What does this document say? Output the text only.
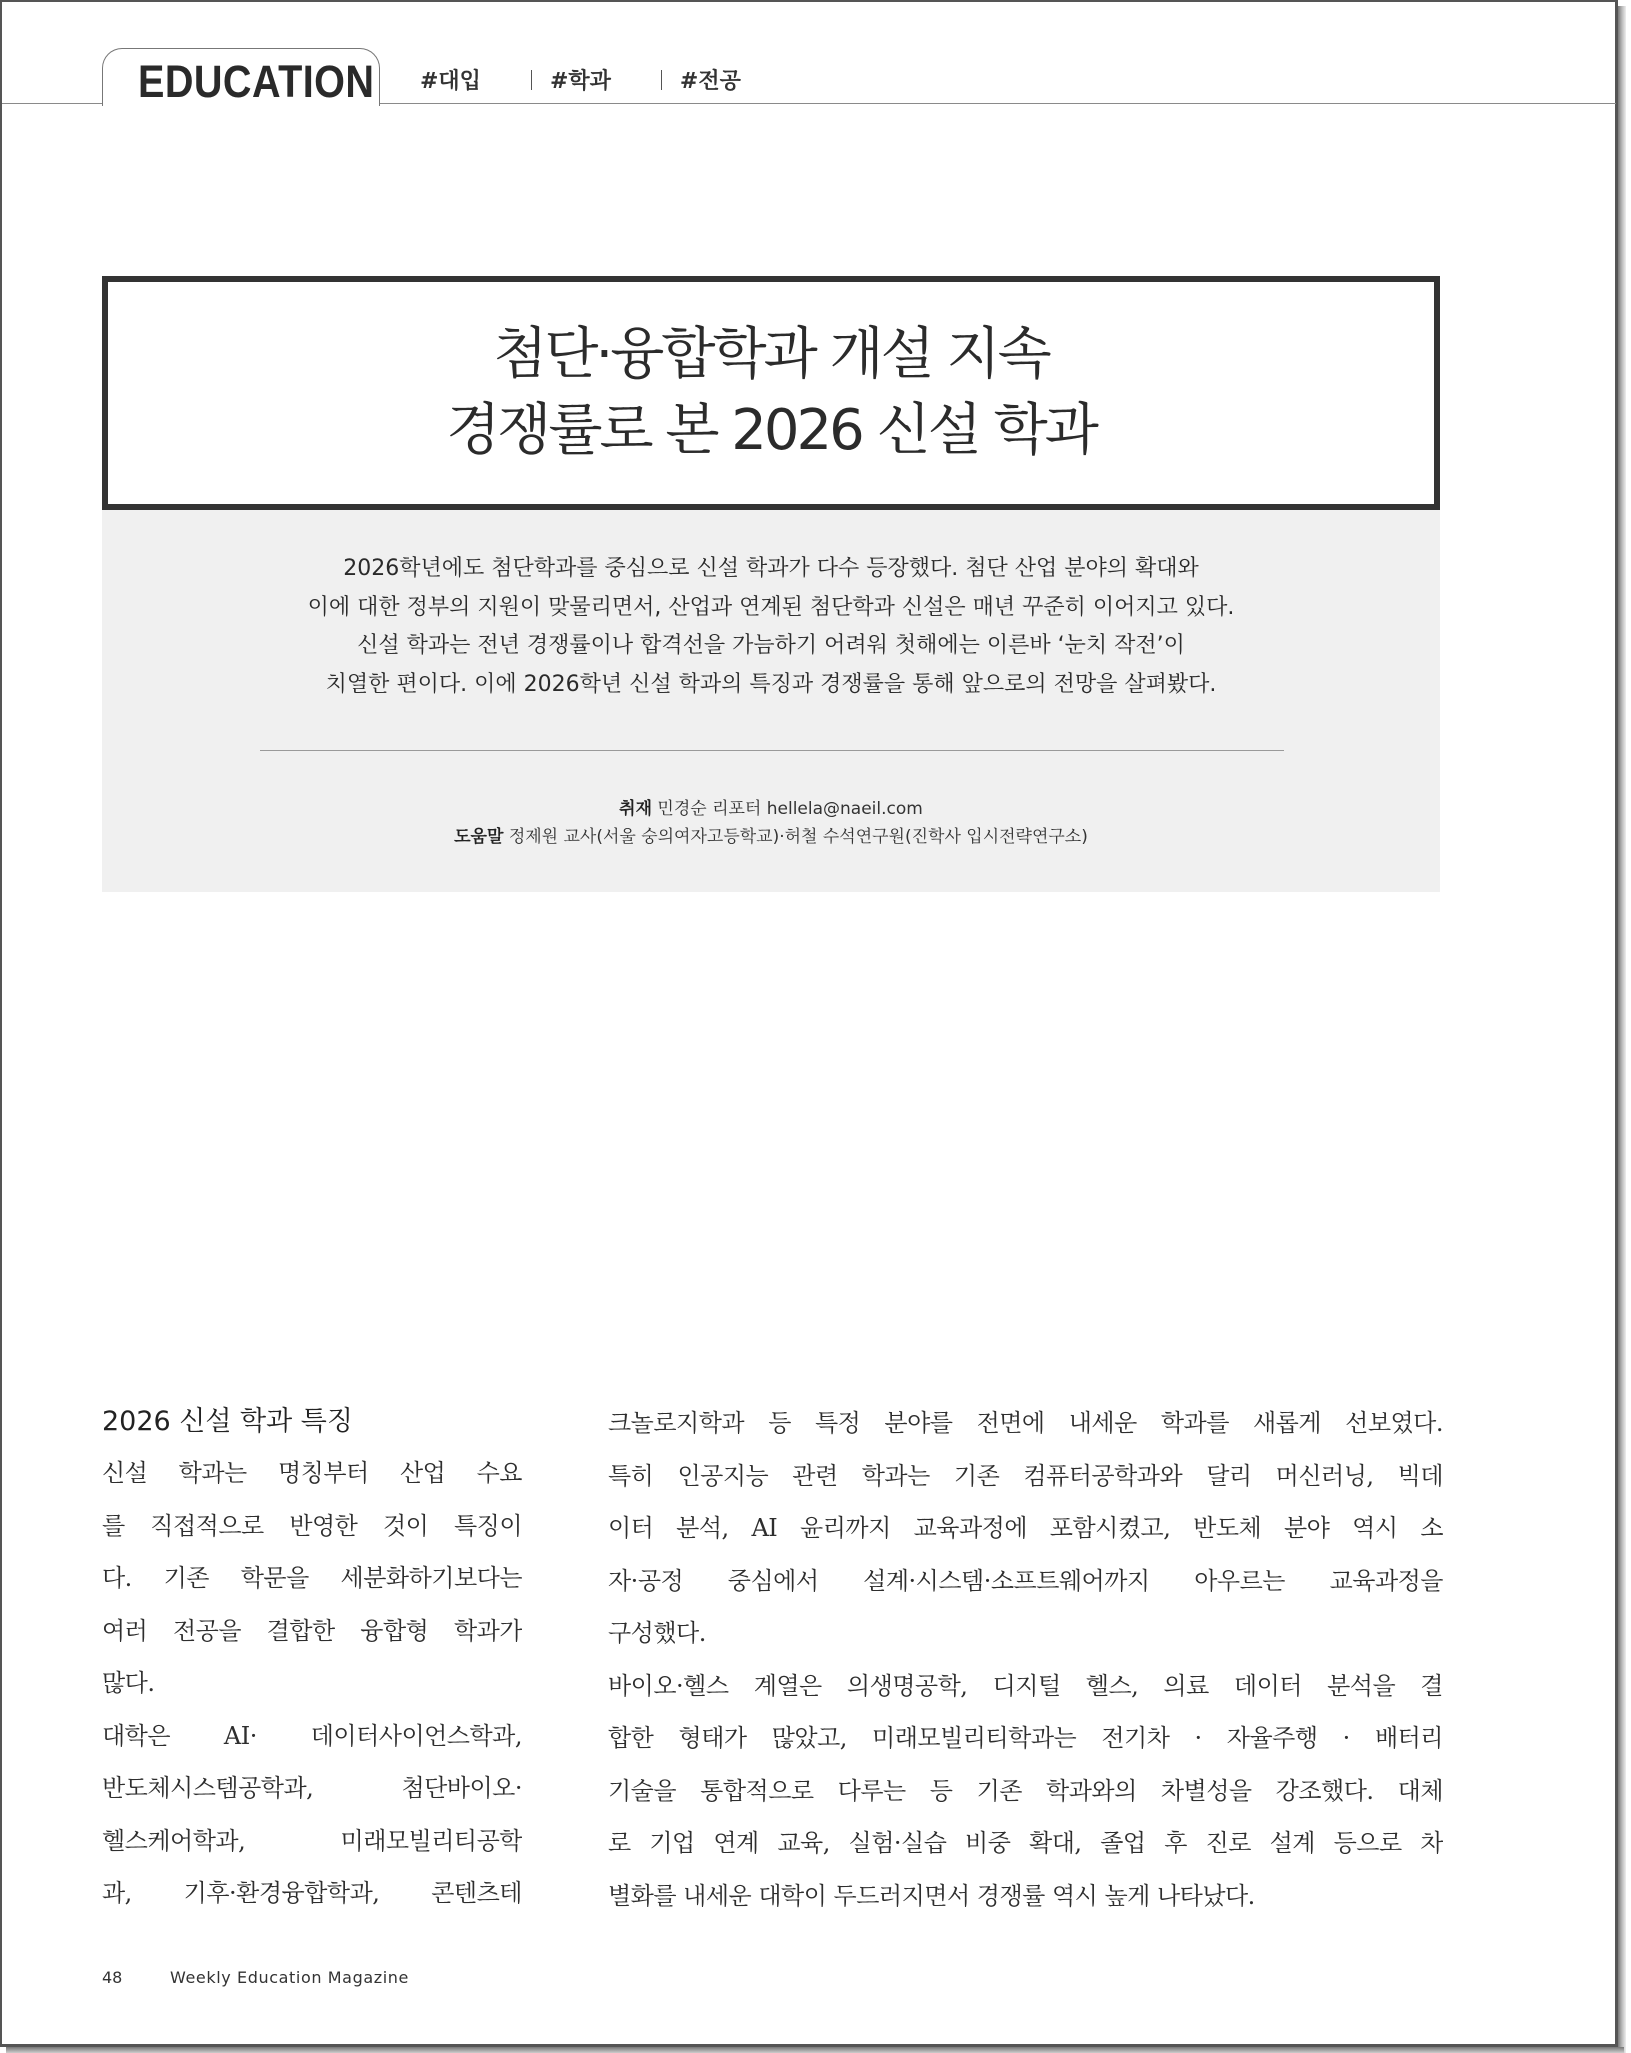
EDUCATION #대입	#학과	#전공
첨단·융합학과 개설 지속
경쟁률로 본 2026 신설 학과
2026학년에도 첨단학과를 중심으로 신설 학과가 다수 등장했다. 첨단 산업 분야의 확대와
이에 대한 정부의 지원이 맞물리면서, 산업과 연계된 첨단학과 신설은 매년 꾸준히 이어지고 있다.
신설 학과는 전년 경쟁률이나 합격선을 가늠하기 어려워 첫해에는 이른바 ‘눈치 작전’이
치열한 편이다. 이에 2026학년 신설 학과의 특징과 경쟁률을 통해 앞으로의 전망을 살펴봤다.
취재 민경순 리포터 hellela@naeil.com
도움말 정제원 교사(서울 숭의여자고등학교)·허철 수석연구원(진학사 입시전략연구소)
2026 신설 학과 특징
신설 학과는 명칭부터 산업 수요
를 직접적으로 반영한 것이 특징이
다. 기존 학문을 세분화하기보다는
여러 전공을 결합한 융합형 학과가
많다.
대학은 AI· 데이터사이언스학과,
반도체시스템공학과, 첨단바이오·
헬스케어학과, 미래모빌리티공학
과, 기후·환경융합학과, 콘텐츠테
크놀로지학과 등 특정 분야를 전면에 내세운 학과를 새롭게 선보였다.
특히 인공지능 관련 학과는 기존 컴퓨터공학과와 달리 머신러닝, 빅데
이터 분석, AI 윤리까지 교육과정에 포함시켰고, 반도체 분야 역시 소
자·공정 중심에서 설계·시스템·소프트웨어까지 아우르는 교육과정을
구성했다.
바이오·헬스 계열은 의생명공학, 디지털 헬스, 의료 데이터 분석을 결
합한 형태가 많았고, 미래모빌리티학과는 전기차 · 자율주행 · 배터리
기술을 통합적으로 다루는 등 기존 학과와의 차별성을 강조했다. 대체
로 기업 연계 교육, 실험·실습 비중 확대, 졸업 후 진로 설계 등으로 차
별화를 내세운 대학이 두드러지면서 경쟁률 역시 높게 나타났다.
48	Weekly Education Magazine
